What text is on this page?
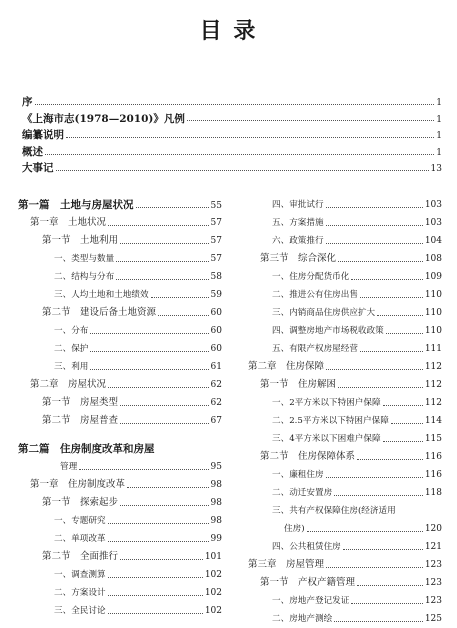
目 录
序	1
《上海市志(1978—2010)》凡例	1
编纂说明	1
概述	1
大事记	13
第一篇　土地与房屋状况	55
第一章　土地状况	57
第一节　土地利用	57
一、类型与数量	57
二、结构与分布	58
三、人均土地和土地绩效	59
第二节　建设后备土地资源	60
一、分布	60
二、保护	60
三、利用	61
第二章　房屋状况	62
第一节　房屋类型	62
第二节　房屋普查	67
第二篇　住房制度改革和房屋
管理	95
第一章　住房制度改革	98
第一节　探索起步	98
一、专题研究	98
二、单项改革	99
第二节　全面推行	101
一、调查测算	102
二、方案设计	102
三、全民讨论	102
四、审批试行	103
五、方案措施	103
六、政策推行	104
第三节　综合深化	108
一、住房分配货币化	109
二、推进公有住房出售	110
三、内销商品住房供应扩大	110
四、调整房地产市场税收政策	110
五、有限产权房屋经营	111
第二章　住房保障	112
第一节　住房解困	112
一、2平方米以下特困户保障	112
二、2.5平方米以下特困户保障	114
三、4平方米以下困难户保障	115
第二节　住房保障体系	116
一、廉租住房	116
二、动迁安置房	118
三、共有产权保障住房(经济适用
住房)	120
四、公共租赁住房	121
第三章　房屋管理	123
第一节　产权产籍管理	123
一、房地产登记发证	123
二、房地产测绘	125
